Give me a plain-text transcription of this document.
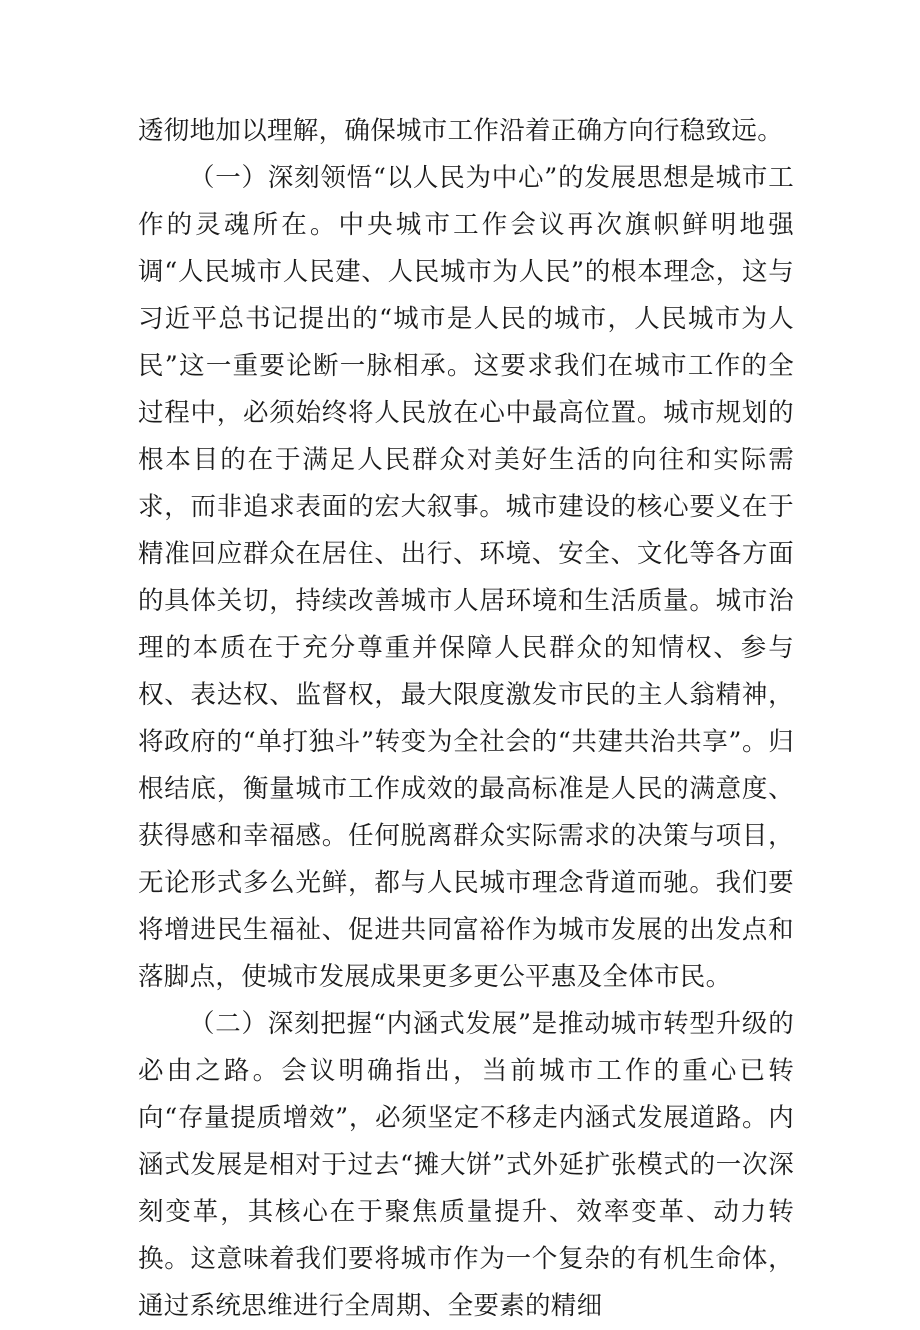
透彻地加以理解，确保城市工作沿着正确方向行稳致远。

（一）深刻领悟“以人民为中心”的发展思想是城市工作的灵魂所在。中央城市工作会议再次旗帜鲜明地强调“人民城市人民建、人民城市为人民”的根本理念，这与习近平总书记提出的“城市是人民的城市，人民城市为人民”这一重要论断一脉相承。这要求我们在城市工作的全过程中，必须始终将人民放在心中最高位置。城市规划的根本目的在于满足人民群众对美好生活的向往和实际需求，而非追求表面的宏大叙事。城市建设的核心要义在于精准回应群众在居住、出行、环境、安全、文化等各方面的具体关切，持续改善城市人居环境和生活质量。城市治理的本质在于充分尊重并保障人民群众的知情权、参与权、表达权、监督权，最大限度激发市民的主人翁精神，将政府的“单打独斗”转变为全社会的“共建共治共享”。归根结底，衡量城市工作成效的最高标准是人民的满意度、获得感和幸福感。任何脱离群众实际需求的决策与项目，无论形式多么光鲜，都与人民城市理念背道而驰。我们要将增进民生福祉、促进共同富裕作为城市发展的出发点和落脚点，使城市发展成果更多更公平惠及全体市民。

（二）深刻把握“内涵式发展”是推动城市转型升级的必由之路。会议明确指出，当前城市工作的重心已转向“存量提质增效”，必须坚定不移走内涵式发展道路。内涵式发展是相对于过去“摊大饼”式外延扩张模式的一次深刻变革，其核心在于聚焦质量提升、效率变革、动力转换。这意味着我们要将城市作为一个复杂的有机生命体，通过系统思维进行全周期、全要素的精细
